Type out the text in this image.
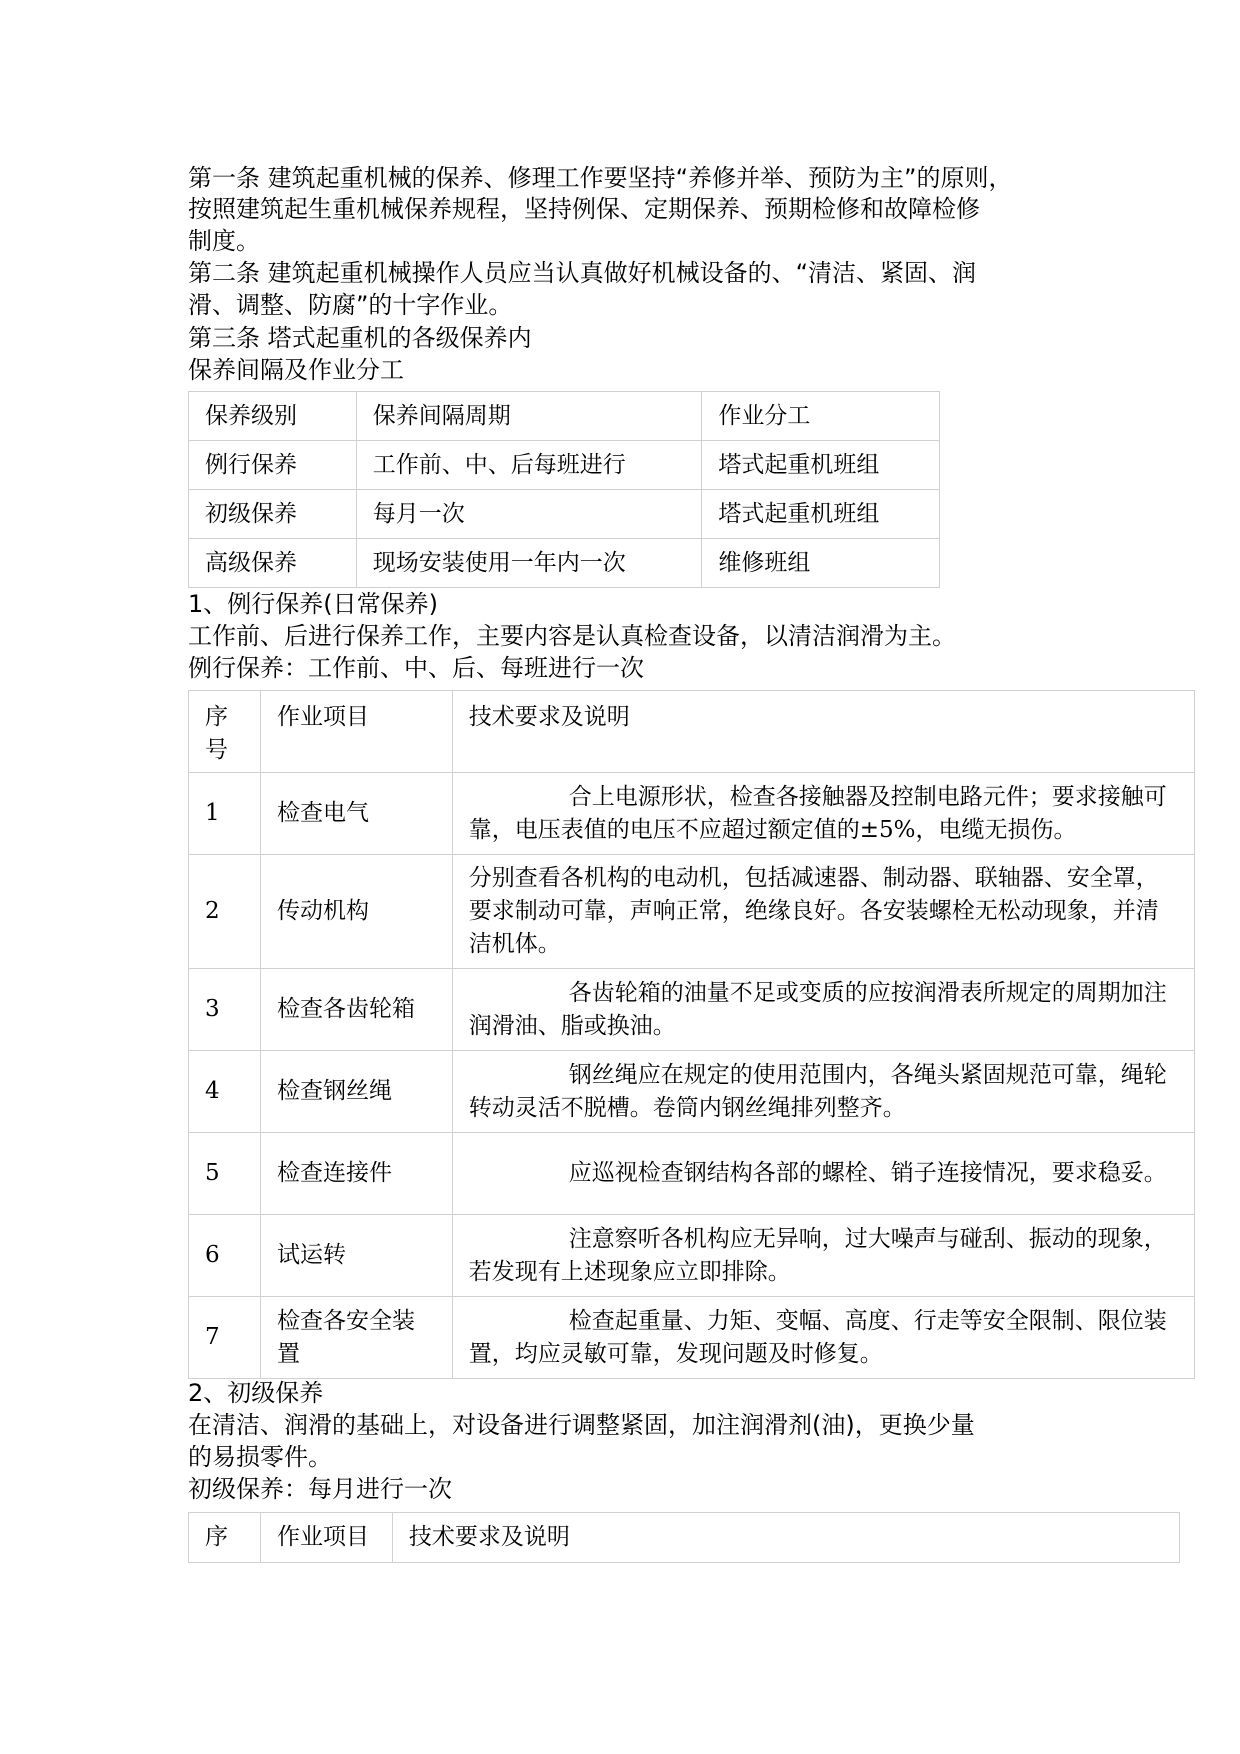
第一条 建筑起重机械的保养、修理工作要坚持“养修并举、预防为主”的原则，
按照建筑起生重机械保养规程，坚持例保、定期保养、预期检修和故障检修
制度。
第二条 建筑起重机械操作人员应当认真做好机械设备的、“清洁、紧固、润
滑、调整、防腐”的十字作业。
第三条 塔式起重机的各级保养内
保养间隔及作业分工
保养级别	保养间隔周期	作业分工
例行保养	工作前、中、后每班进行	塔式起重机班组
初级保养	每月一次	塔式起重机班组
高级保养	现场安装使用一年内一次	维修班组
1、例行保养(日常保养)
工作前、后进行保养工作，主要内容是认真检查设备，以清洁润滑为主。
例行保养：工作前、中、后、每班进行一次
序
号	作业项目	技术要求及说明
1	检查电气	合上电源形状，检查各接触器及控制电路元件；要求接触可靠，电压表值的电压不应超过额定值的±5%，电缆无损伤。
2	传动机构	分别查看各机构的电动机，包括减速器、制动器、联轴器、安全罩，要求制动可靠，声响正常，绝缘良好。各安装螺栓无松动现象，并清洁机体。
3	检查各齿轮箱	各齿轮箱的油量不足或变质的应按润滑表所规定的周期加注润滑油、脂或换油。
4	检查钢丝绳	钢丝绳应在规定的使用范围内，各绳头紧固规范可靠，绳轮转动灵活不脱槽。卷筒内钢丝绳排列整齐。
5	检查连接件	应巡视检查钢结构各部的螺栓、销子连接情况，要求稳妥。
6	试运转	注意察听各机构应无异响，过大噪声与碰刮、振动的现象，若发现有上述现象应立即排除。
7	检查各安全装置	检查起重量、力矩、变幅、高度、行走等安全限制、限位装置，均应灵敏可靠，发现问题及时修复。
2、初级保养
在清洁、润滑的基础上，对设备进行调整紧固，加注润滑剂(油)，更换少量
的易损零件。
初级保养：每月进行一次
序	作业项目	技术要求及说明
